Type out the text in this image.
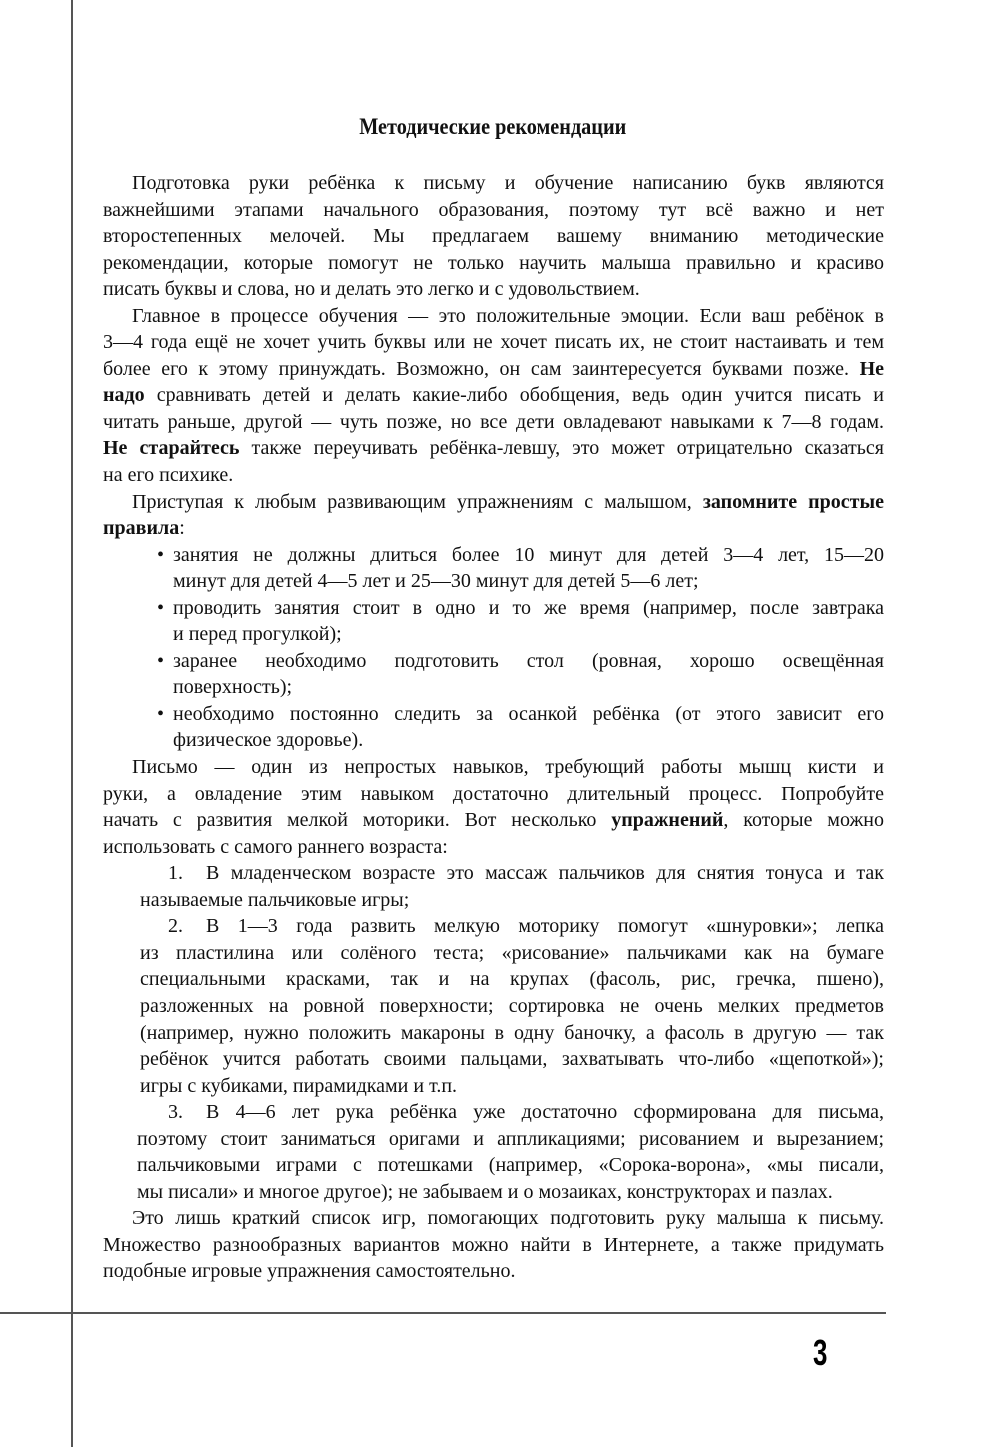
Методические рекомендации
Подготовка руки ребёнка к письму и обучение написанию букв являются
важнейшими этапами начального образования, поэтому тут всё важно и нет
второстепенных мелочей. Мы предлагаем вашему вниманию методические
рекомендации, которые помогут не только научить малыша правильно и красиво
писать буквы и слова, но и делать это легко и с удовольствием.
Главное в процессе обучения — это положительные эмоции. Если ваш ребёнок в
3—4 года ещё не хочет учить буквы или не хочет писать их, не стоит настаивать и тем
более его к этому принуждать. Возможно, он сам заинтересуется буквами позже. Не
надо сравнивать детей и делать какие-либо обобщения, ведь один учится писать и
читать раньше, другой — чуть позже, но все дети овладевают навыками к 7—8 годам.
Не старайтесь также переучивать ребёнка-левшу, это может отрицательно сказаться
на его психике.
Приступая к любым развивающим упражнениям с малышом, запомните простые
правила:
занятия не должны длиться более 10 минут для детей 3—4 лет, 15—20
•
минут для детей 4—5 лет и 25—30 минут для детей 5—6 лет;
проводить занятия стоит в одно и то же время (например, после завтрака
•
и перед прогулкой);
заранее необходимо подготовить стол (ровная, хорошо освещённая
•
поверхность);
необходимо постоянно следить за осанкой ребёнка (от этого зависит его
•
физическое здоровье).
Письмо — один из непростых навыков, требующий работы мышц кисти и
руки, а овладение этим навыком достаточно длительный процесс. Попробуйте
начать с развития мелкой моторики. Вот несколько упражнений, которые можно
использовать с самого раннего возраста:
1. В младенческом возрасте это массаж пальчиков для снятия тонуса и так
называемые пальчиковые игры;
2. В 1—3 года развить мелкую моторику помогут «шнуровки»; лепка
из пластилина или солёного теста; «рисование» пальчиками как на бумаге
специальными красками, так и на крупах (фасоль, рис, гречка, пшено),
разложенных на ровной поверхности; сортировка не очень мелких предметов
(например, нужно положить макароны в одну баночку, а фасоль в другую — так
ребёнок учится работать своими пальцами, захватывать что-либо «щепоткой»);
игры с кубиками, пирамидками и т.п.
3. В 4—6 лет рука ребёнка уже достаточно сформирована для письма,
поэтому стоит заниматься оригами и аппликациями; рисованием и вырезанием;
пальчиковыми играми с потешками (например, «Сорока-ворона», «мы писали,
мы писали» и многое другое); не забываем и о мозаиках, конструкторах и пазлах.
Это лишь краткий список игр, помогающих подготовить руку малыша к письму.
Множество разнообразных вариантов можно найти в Интернете, а также придумать
подобные игровые упражнения самостоятельно.
3
